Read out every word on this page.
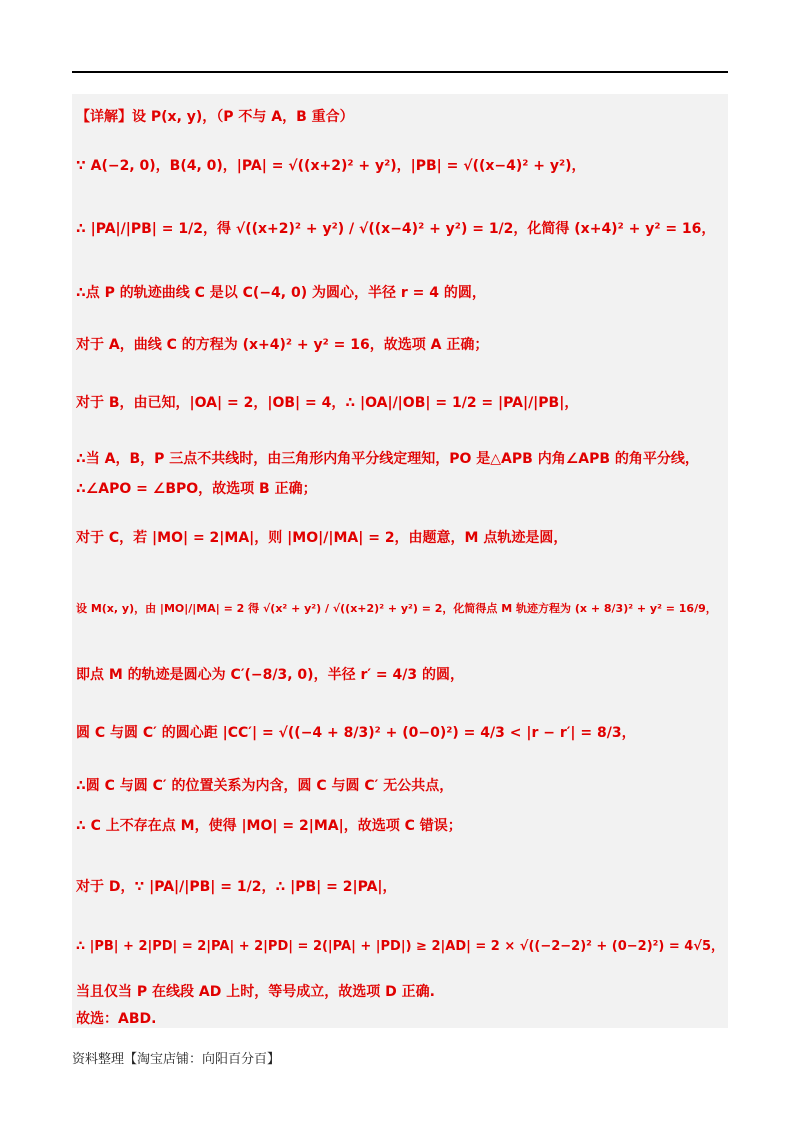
【详解】设 P(x, y)，（P 不与 A，B 重合）
∵ A(−2, 0)，B(4, 0)，|PA| = √((x+2)² + y²)，|PB| = √((x−4)² + y²)，
∴ |PA|/|PB| = 1/2，得 √((x+2)² + y²) / √((x−4)² + y²) = 1/2，化简得 (x+4)² + y² = 16，
∴点 P 的轨迹曲线 C 是以 C(−4, 0) 为圆心，半径 r = 4 的圆，
对于 A，曲线 C 的方程为 (x+4)² + y² = 16，故选项 A 正确；
对于 B，由已知，|OA| = 2，|OB| = 4，∴ |OA|/|OB| = 1/2 = |PA|/|PB|，
∴当 A，B，P 三点不共线时，由三角形内角平分线定理知，PO 是△APB 内角∠APB 的角平分线，
∴∠APO = ∠BPO，故选项 B 正确；
对于 C，若 |MO| = 2|MA|，则 |MO|/|MA| = 2，由题意，M 点轨迹是圆，
设 M(x, y)，由 |MO|/|MA| = 2 得 √(x² + y²) / √((x+2)² + y²) = 2，化简得点 M 轨迹方程为 (x + 8/3)² + y² = 16/9，
即点 M 的轨迹是圆心为 C′(−8/3, 0)，半径 r′ = 4/3 的圆，
圆 C 与圆 C′ 的圆心距 |CC′| = √((−4 + 8/3)² + (0−0)²) = 4/3 < |r − r′| = 8/3，
∴圆 C 与圆 C′ 的位置关系为内含，圆 C 与圆 C′ 无公共点，
∴ C 上不存在点 M，使得 |MO| = 2|MA|，故选项 C 错误；
对于 D，∵ |PA|/|PB| = 1/2，∴ |PB| = 2|PA|，
∴ |PB| + 2|PD| = 2|PA| + 2|PD| = 2(|PA| + |PD|) ≥ 2|AD| = 2 × √((−2−2)² + (0−2)²) = 4√5，
当且仅当 P 在线段 AD 上时，等号成立，故选项 D 正确.
故选：ABD.
资料整理【淘宝店铺：向阳百分百】
